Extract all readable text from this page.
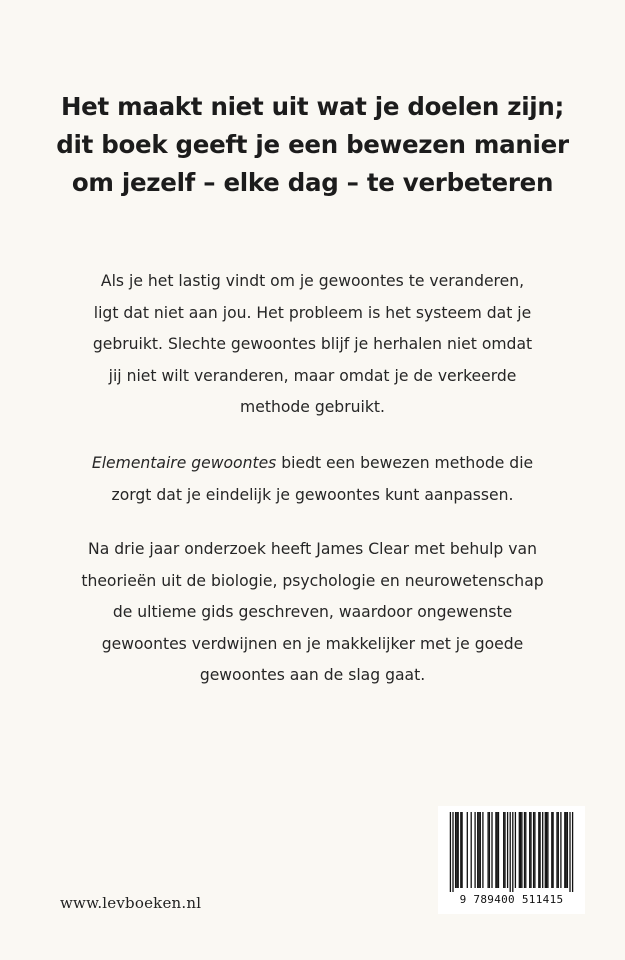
Het maakt niet uit wat je doelen zijn;
dit boek geeft je een bewezen manier
om jezelf – elke dag – te verbeteren

Als je het lastig vindt om je gewoontes te veranderen,
ligt dat niet aan jou. Het probleem is het systeem dat je
gebruikt. Slechte gewoontes blijf je herhalen niet omdat
jij niet wilt veranderen, maar omdat je de verkeerde
methode gebruikt.

Elementaire gewoontes biedt een bewezen methode die
zorgt dat je eindelijk je gewoontes kunt aanpassen.

Na drie jaar onderzoek heeft James Clear met behulp van
theorieën uit de biologie, psychologie en neurowetenschap
de ultieme gids geschreven, waardoor ongewenste
gewoontes verdwijnen en je makkelijker met je goede
gewoontes aan de slag gaat.

www.levboeken.nl	9 789400 511415
